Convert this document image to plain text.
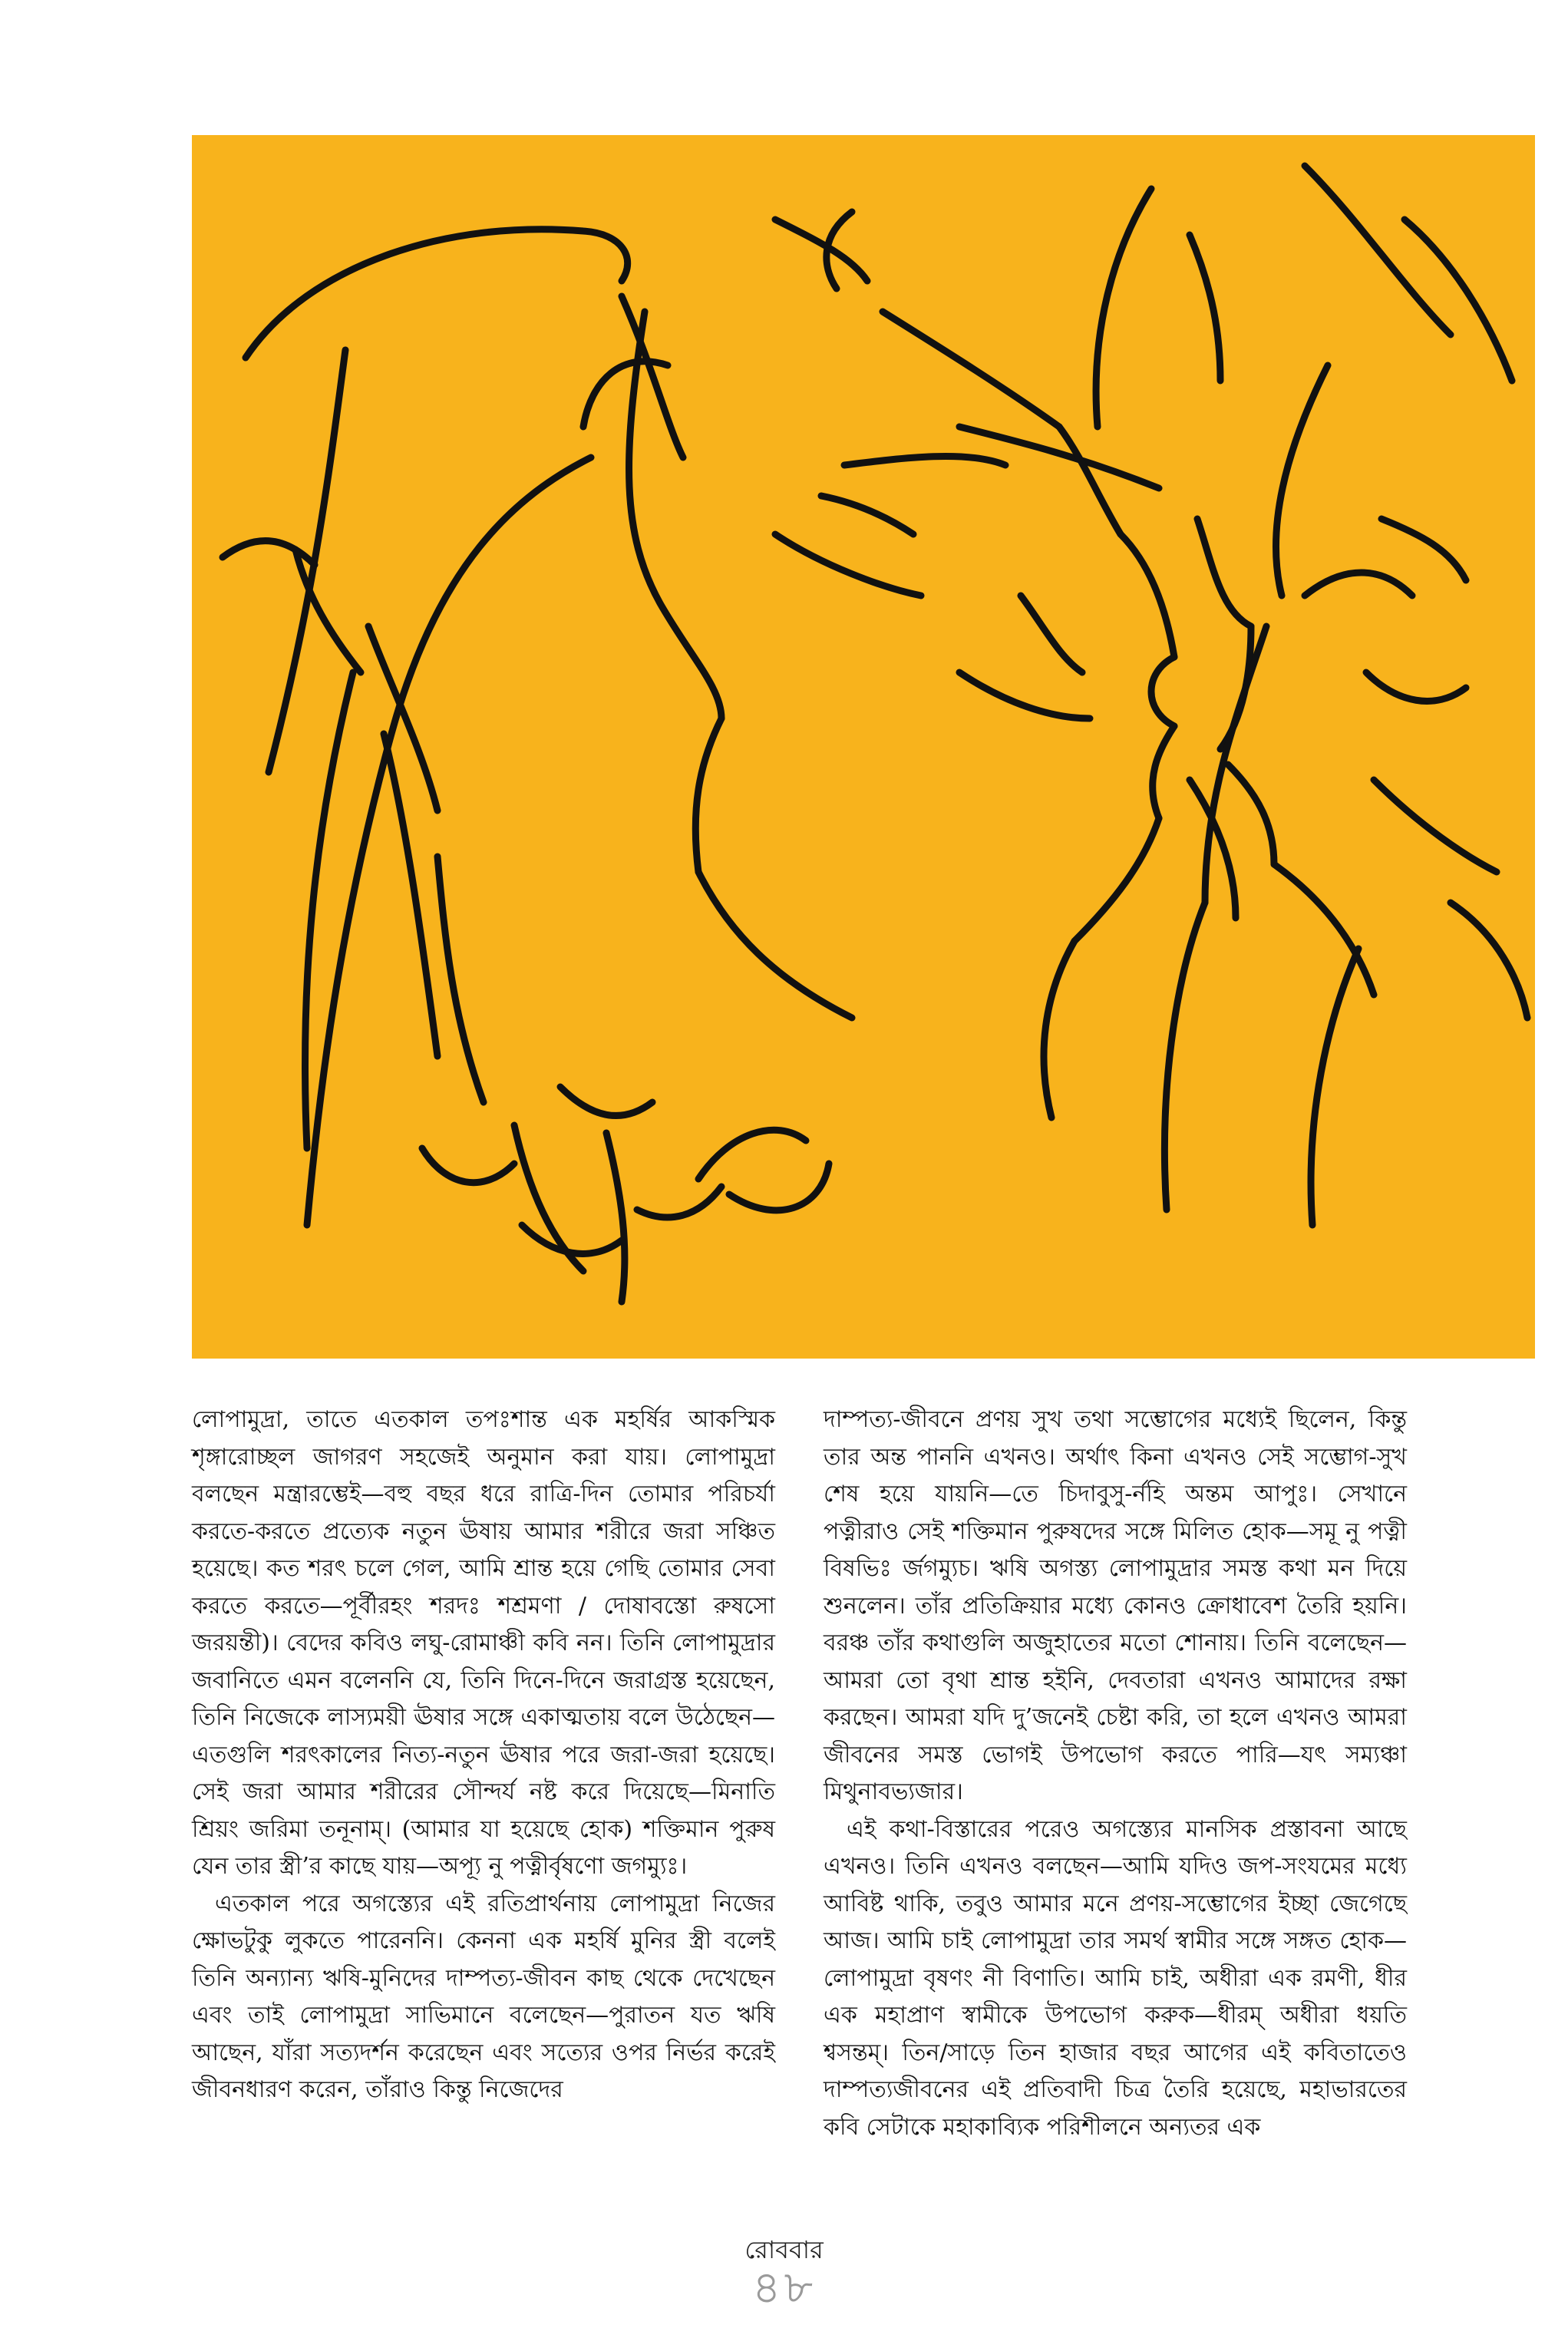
লোপামুদ্রা, তাতে এতকাল তপঃশান্ত এক মহর্ষির আকস্মিক শৃঙ্গারোচ্ছল জাগরণ সহজেই অনুমান করা যায়। লোপামুদ্রা বলছেন মন্ত্রারম্ভেই—বহু বছর ধরে রাত্রি-দিন তোমার পরিচর্যা করতে-করতে প্রত্যেক নতুন ঊষায় আমার শরীরে জরা সঞ্চিত হয়েছে। কত শরৎ চলে গেল, আমি শ্রান্ত হয়ে গেছি তোমার সেবা করতে করতে—পূর্বীরহং শরদঃ শশ্রমণা / দোষাবস্তো রুষসো জরয়ন্তী)। বেদের কবিও লঘু-রোমাঞ্চী কবি নন। তিনি লোপামুদ্রার জবানিতে এমন বলেননি যে, তিনি দিনে-দিনে জরাগ্রস্ত হয়েছেন, তিনি নিজেকে লাস্যময়ী ঊষার সঙ্গে একাত্মতায় বলে উঠেছেন—এতগুলি শরৎকালের নিত্য-নতুন ঊষার পরে জরা-জরা হয়েছে। সেই জরা আমার শরীরের সৌন্দর্য নষ্ট করে দিয়েছে—মিনাতি শ্রিয়ং জরিমা তনূনাম্। (আমার যা হয়েছে হোক) শক্তিমান পুরুষ যেন তার স্ত্রী’র কাছে যায়—অপ্যূ নু পত্নীর্বৃষণো জগম্যুঃ।

এতকাল পরে অগস্ত্যের এই রতিপ্রার্থনায় লোপামুদ্রা নিজের ক্ষোভটুকু লুকতে পারেননি। কেননা এক মহর্ষি মুনির স্ত্রী বলেই তিনি অন্যান্য ঋষি-মুনিদের দাম্পত্য-জীবন কাছ থেকে দেখেছেন এবং তাই লোপামুদ্রা সাভিমানে বলেছেন—পুরাতন যত ঋষি আছেন, যাঁরা সত্যদর্শন করেছেন এবং সত্যের ওপর নির্ভর করেই জীবনধারণ করেন, তাঁরাও কিন্তু নিজেদের

দাম্পত্য-জীবনে প্রণয় সুখ তথা সম্ভোগের মধ্যেই ছিলেন, কিন্তু তার অন্ত পাননি এখনও। অর্থাৎ কিনা এখনও সেই সম্ভোগ-সুখ শেষ হয়ে যায়নি—তে চিদাবুসু-র্নহি অন্তম আপুঃ। সেখানে পত্নীরাও সেই শক্তিমান পুরুষদের সঙ্গে মিলিত হোক—সমূ নু পত্নী বিষভিঃ র্জগম্যুচ। ঋষি অগস্ত্য লোপামুদ্রার সমস্ত কথা মন দিয়ে শুনলেন। তাঁর প্রতিক্রিয়ার মধ্যে কোনও ক্রোধাবেশ তৈরি হয়নি। বরঞ্চ তাঁর কথাগুলি অজুহাতের মতো শোনায়। তিনি বলেছেন—আমরা তো বৃথা শ্রান্ত হইনি, দেবতারা এখনও আমাদের রক্ষা করছেন। আমরা যদি দু’জনেই চেষ্টা করি, তা হলে এখনও আমরা জীবনের সমস্ত ভোগই উপভোগ করতে পারি—যৎ সম্যঞ্চা মিথুনাবভ্যজার।

এই কথা-বিস্তারের পরেও অগস্ত্যের মানসিক প্রস্তাবনা আছে এখনও। তিনি এখনও বলছেন—আমি যদিও জপ-সংযমের মধ্যে আবিষ্ট থাকি, তবুও আমার মনে প্রণয়-সম্ভোগের ইচ্ছা জেগেছে আজ। আমি চাই লোপামুদ্রা তার সমর্থ স্বামীর সঙ্গে সঙ্গত হোক—লোপামুদ্রা বৃষণং নী বিণাতি। আমি চাই, অধীরা এক রমণী, ধীর এক মহাপ্রাণ স্বামীকে উপভোগ করুক—ধীরম্ অধীরা ধয়তি শ্বসন্তম্। তিন/সাড়ে তিন হাজার বছর আগের এই কবিতাতেও দাম্পত্যজীবনের এই প্রতিবাদী চিত্র তৈরি হয়েছে, মহাভারতের কবি সেটাকে মহাকাব্যিক পরিশীলনে অন্যতর এক

রোববার
৪৮
